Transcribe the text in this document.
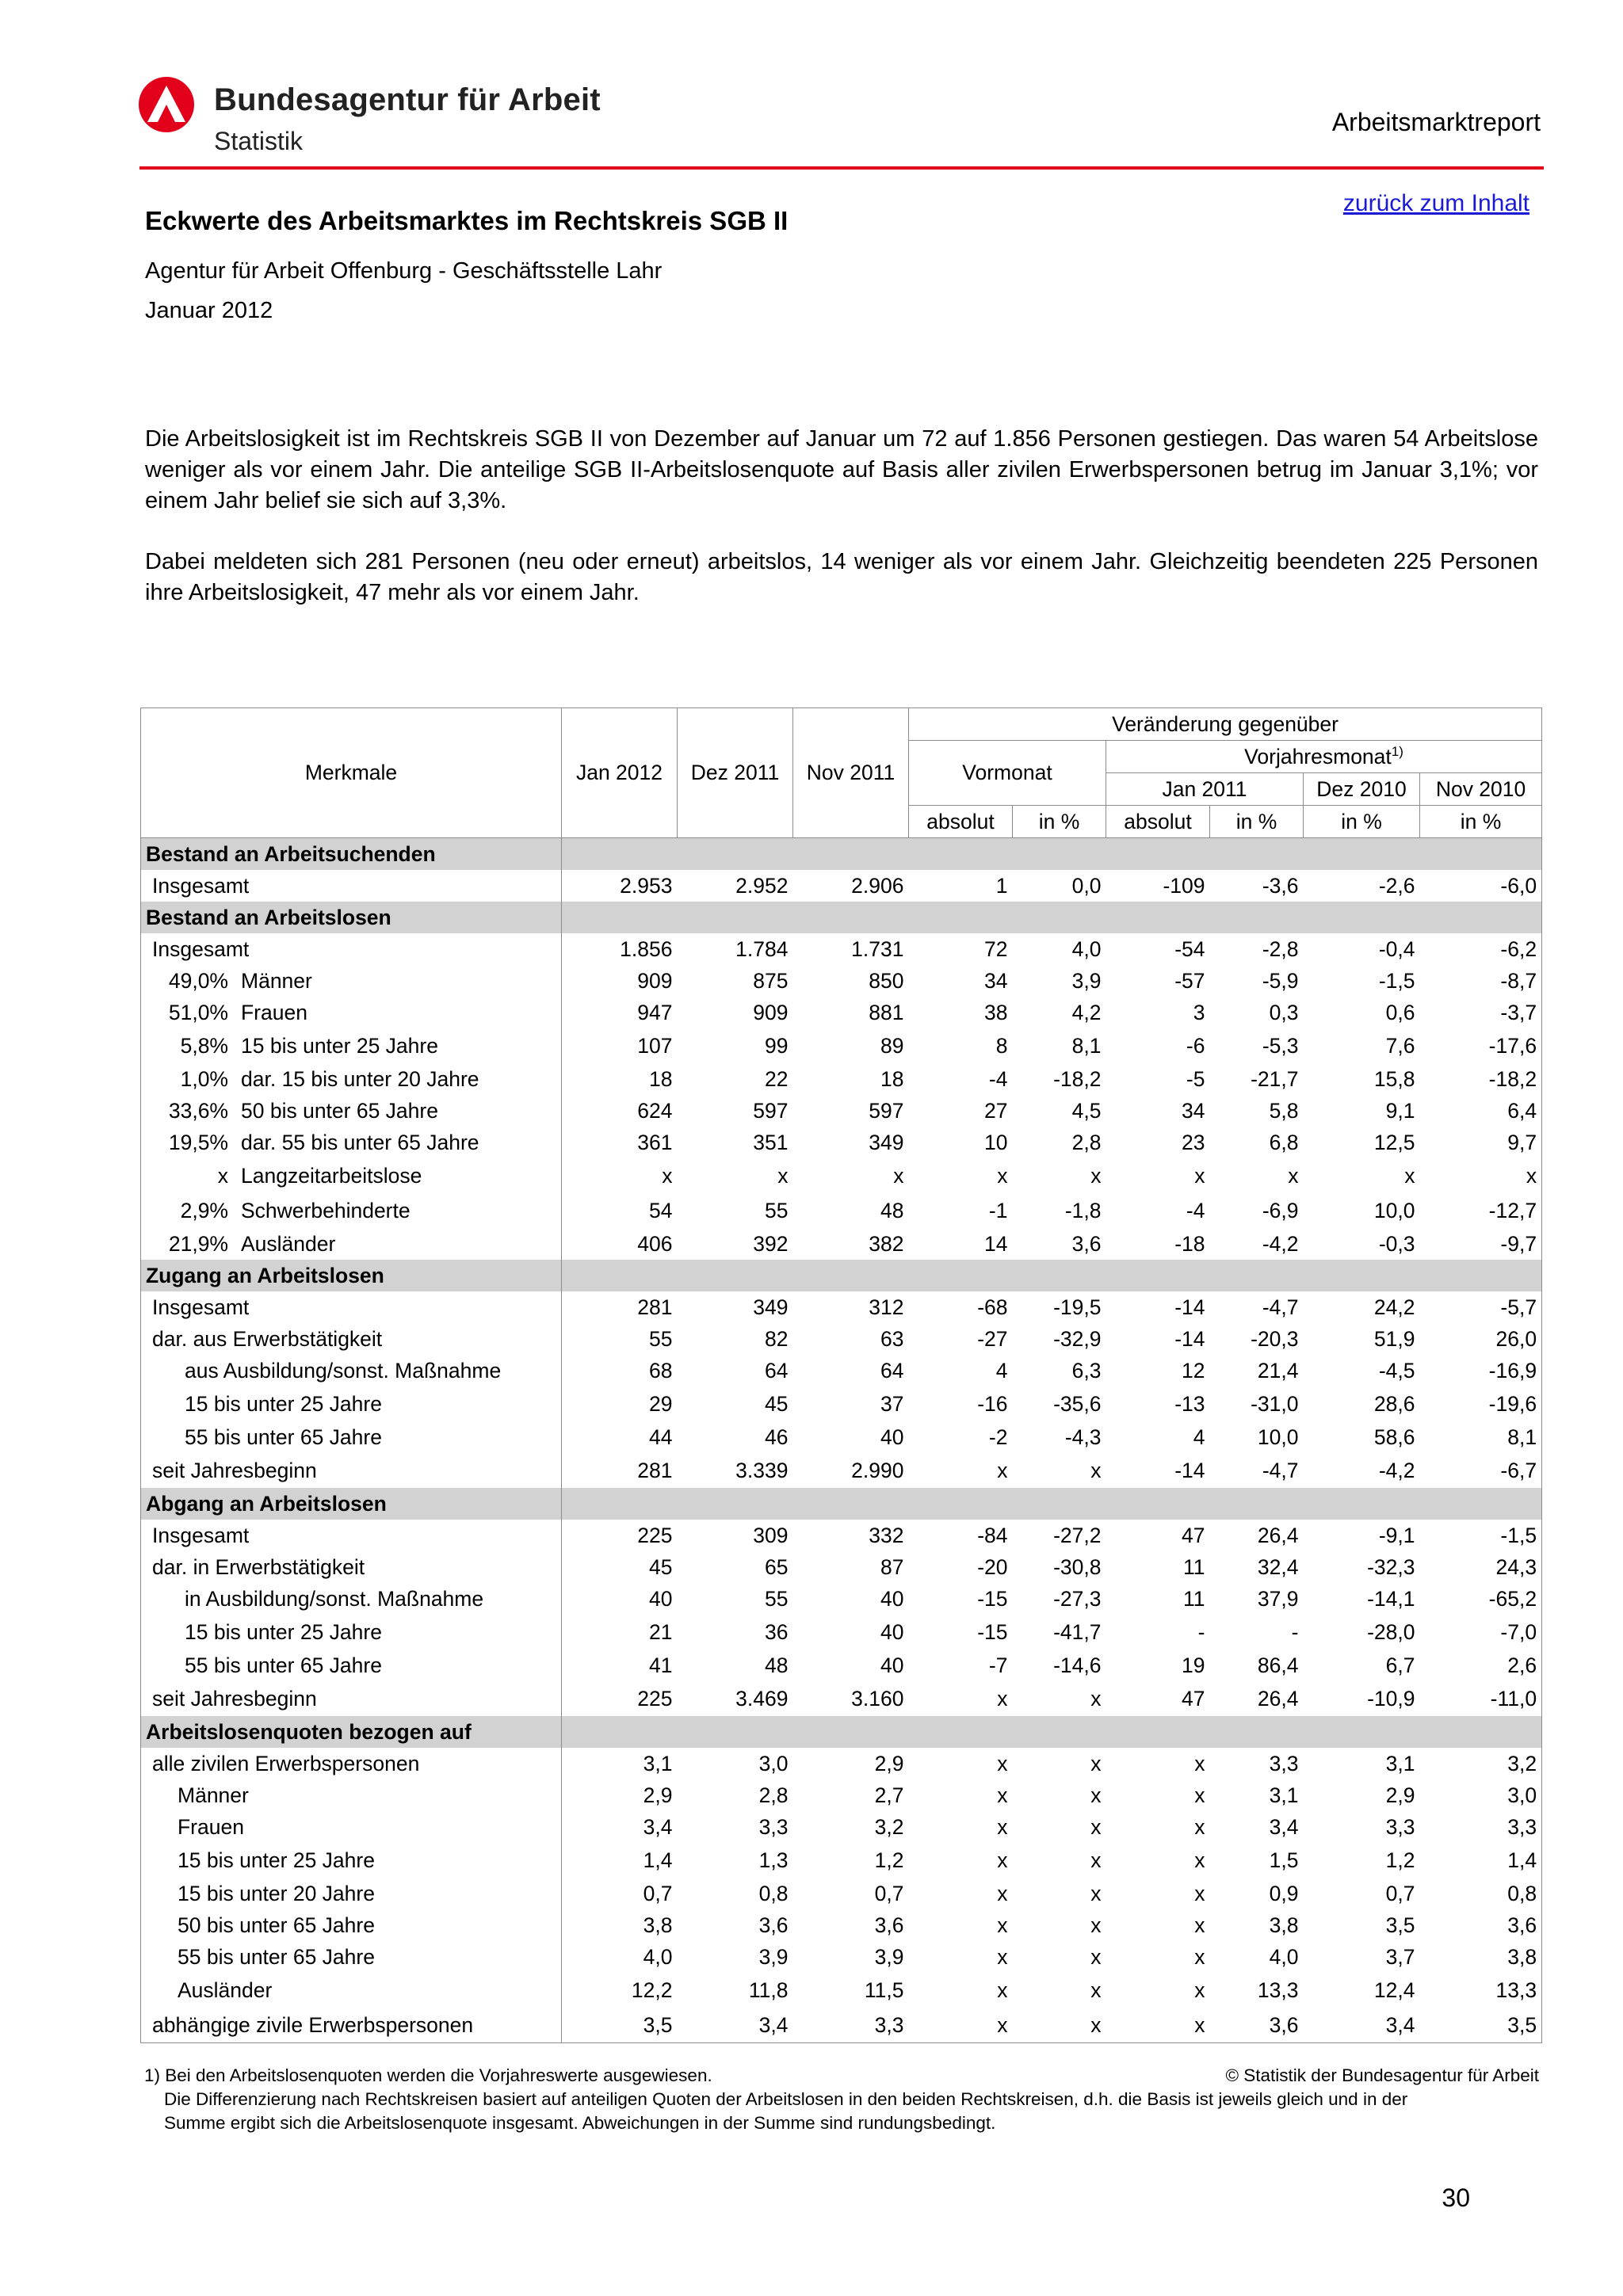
Bundesagentur für Arbeit
Statistik
Arbeitsmarktreport
zurück zum Inhalt
Eckwerte des Arbeitsmarktes im Rechtskreis SGB II
Agentur für Arbeit Offenburg - Geschäftsstelle Lahr
Januar 2012
Die Arbeitslosigkeit ist im Rechtskreis SGB II von Dezember auf Januar um 72 auf 1.856 Personen gestiegen. Das waren 54 Arbeitslose weniger als vor einem Jahr. Die anteilige SGB II-Arbeitslosenquote auf Basis aller zivilen Erwerbspersonen betrug im Januar 3,1%; vor einem Jahr belief sie sich auf 3,3%.
Dabei meldeten sich 281 Personen (neu oder erneut) arbeitslos, 14 weniger als vor einem Jahr. Gleichzeitig beendeten 225 Personen ihre Arbeitslosigkeit, 47 mehr als vor einem Jahr.
Merkmale	Jan 2012	Dez 2011	Nov 2011	Veränderung gegenüber					
				Vormonat		Vorjahresmonat$^{1)}$
						Jan 2011		Dez 2010	Nov 2010
				absolut	in %	absolut	in %	in %	in %
Bestand an Arbeitsuchenden									
Insgesamt	2.953	2.952	2.906	1	0,0	-109	-3,6	-2,6	-6,0
Bestand an Arbeitslosen									
Insgesamt	1.856	1.784	1.731	72	4,0	-54	-2,8	-0,4	-6,2
49,0% Männer	909	875	850	34	3,9	-57	-5,9	-1,5	-8,7
51,0% Frauen	947	909	881	38	4,2	3	0,3	0,6	-3,7
5,8% 15 bis unter 25 Jahre	107	99	89	8	8,1	-6	-5,3	7,6	-17,6
1,0% dar. 15 bis unter 20 Jahre	18	22	18	-4	-18,2	-5	-21,7	15,8	-18,2
33,6% 50 bis unter 65 Jahre	624	597	597	27	4,5	34	5,8	9,1	6,4
19,5% dar. 55 bis unter 65 Jahre	361	351	349	10	2,8	23	6,8	12,5	9,7
x Langzeitarbeitslose	x	x	x	x	x	x	x	x	x
2,9% Schwerbehinderte	54	55	48	-1	-1,8	-4	-6,9	10,0	-12,7
21,9% Ausländer	406	392	382	14	3,6	-18	-4,2	-0,3	-9,7
Zugang an Arbeitslosen									
Insgesamt	281	349	312	-68	-19,5	-14	-4,7	24,2	-5,7
dar. aus Erwerbstätigkeit	55	82	63	-27	-32,9	-14	-20,3	51,9	26,0
aus Ausbildung/sonst. Maßnahme	68	64	64	4	6,3	12	21,4	-4,5	-16,9
15 bis unter 25 Jahre	29	45	37	-16	-35,6	-13	-31,0	28,6	-19,6
55 bis unter 65 Jahre	44	46	40	-2	-4,3	4	10,0	58,6	8,1
seit Jahresbeginn	281	3.339	2.990	x	x	-14	-4,7	-4,2	-6,7
Abgang an Arbeitslosen									
Insgesamt	225	309	332	-84	-27,2	47	26,4	-9,1	-1,5
dar. in Erwerbstätigkeit	45	65	87	-20	-30,8	11	32,4	-32,3	24,3
in Ausbildung/sonst. Maßnahme	40	55	40	-15	-27,3	11	37,9	-14,1	-65,2
15 bis unter 25 Jahre	21	36	40	-15	-41,7	-	-	-28,0	-7,0
55 bis unter 65 Jahre	41	48	40	-7	-14,6	19	86,4	6,7	2,6
seit Jahresbeginn	225	3.469	3.160	x	x	47	26,4	-10,9	-11,0
Arbeitslosenquoten bezogen auf									
alle zivilen Erwerbspersonen	3,1	3,0	2,9	x	x	x	3,3	3,1	3,2
Männer	2,9	2,8	2,7	x	x	x	3,1	2,9	3,0
Frauen	3,4	3,3	3,2	x	x	x	3,4	3,3	3,3
15 bis unter 25 Jahre	1,4	1,3	1,2	x	x	x	1,5	1,2	1,4
15 bis unter 20 Jahre	0,7	0,8	0,7	x	x	x	0,9	0,7	0,8
50 bis unter 65 Jahre	3,8	3,6	3,6	x	x	x	3,8	3,5	3,6
55 bis unter 65 Jahre	4,0	3,9	3,9	x	x	x	4,0	3,7	3,8
Ausländer	12,2	11,8	11,5	x	x	x	13,3	12,4	13,3
abhängige zivile Erwerbspersonen	3,5	3,4	3,3	x	x	x	3,6	3,4	3,5
1) Bei den Arbeitslosenquoten werden die Vorjahreswerte ausgewiesen.	© Statistik der Bundesagentur für Arbeit
Die Differenzierung nach Rechtskreisen basiert auf anteiligen Quoten der Arbeitslosen in den beiden Rechtskreisen, d.h. die Basis ist jeweils gleich und in der
Summe ergibt sich die Arbeitslosenquote insgesamt. Abweichungen in der Summe sind rundungsbedingt.
30
